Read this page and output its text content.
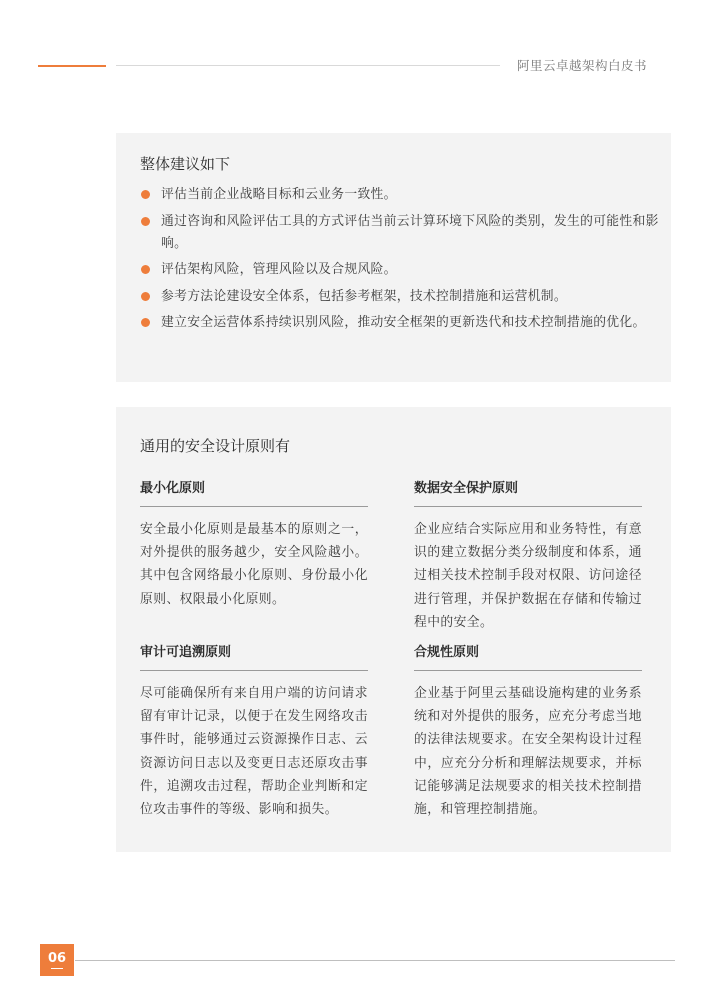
阿里云卓越架构白皮书
整体建议如下
评估当前企业战略目标和云业务一致性。
通过咨询和风险评估工具的方式评估当前云计算环境下风险的类别，发生的可能性和影响。
评估架构风险，管理风险以及合规风险。
参考方法论建设安全体系，包括参考框架，技术控制措施和运营机制。
建立安全运营体系持续识别风险，推动安全框架的更新迭代和技术控制措施的优化。
通用的安全设计原则有
最小化原则
安全最小化原则是最基本的原则之一，对外提供的服务越少，安全风险越小。其中包含网络最小化原则、身份最小化原则、权限最小化原则。
数据安全保护原则
企业应结合实际应用和业务特性，有意识的建立数据分类分级制度和体系，通过相关技术控制手段对权限、访问途径进行管理，并保护数据在存储和传输过程中的安全。
审计可追溯原则
尽可能确保所有来自用户端的访问请求留有审计记录，以便于在发生网络攻击事件时，能够通过云资源操作日志、云资源访问日志以及变更日志还原攻击事件，追溯攻击过程，帮助企业判断和定位攻击事件的等级、影响和损失。
合规性原则
企业基于阿里云基础设施构建的业务系统和对外提供的服务，应充分考虑当地的法律法规要求。在安全架构设计过程中，应充分分析和理解法规要求，并标记能够满足法规要求的相关技术控制措施，和管理控制措施。
06
